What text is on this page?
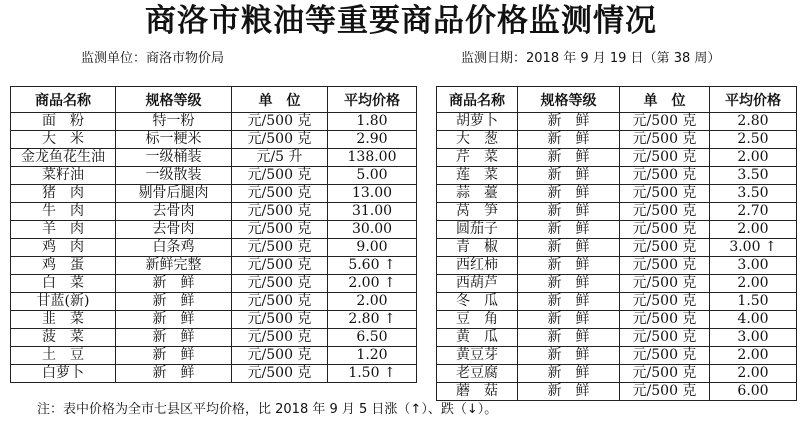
商洛市粮油等重要商品价格监测情况
监测单位：商洛市物价局	监测日期：2018 年 9 月 19 日（第 38 周）
商品名称	规格等级	单　位	平均价格
面　粉	特一粉	元/500 克	1.80
大　米	标一粳米	元/500 克	2.90
金龙鱼花生油	一级桶装	元/5 升	138.00
菜籽油	一级散装	元/500 克	5.00
猪　肉	剔骨后腿肉	元/500 克	13.00
牛　肉	去骨肉	元/500 克	31.00
羊　肉	去骨肉	元/500 克	30.00
鸡　肉	白条鸡	元/500 克	9.00
鸡　蛋	新鲜完整	元/500 克	5.60 ↑
白　菜	新　鲜	元/500 克	2.00 ↑
甘蓝(新)	新　鲜	元/500 克	2.00
韭　菜	新　鲜	元/500 克	2.80 ↑
菠　菜	新　鲜	元/500 克	6.50
土　豆	新　鲜	元/500 克	1.20
白萝卜	新　鲜	元/500 克	1.50 ↑
商品名称	规格等级	单　位	平均价格
胡萝卜	新　鲜	元/500 克	2.80
大　葱	新　鲜	元/500 克	2.50
芹　菜	新　鲜	元/500 克	2.00
莲　菜	新　鲜	元/500 克	3.50
蒜　薹	新　鲜	元/500 克	3.50
莴　笋	新　鲜	元/500 克	2.70
圆茄子	新　鲜	元/500 克	2.00
青　椒	新　鲜	元/500 克	3.00 ↑
西红柿	新　鲜	元/500 克	3.00
西葫芦	新　鲜	元/500 克	2.00
冬　瓜	新　鲜	元/500 克	1.50
豆　角	新　鲜	元/500 克	4.00
黄　瓜	新　鲜	元/500 克	3.00
黄豆芽	新　鲜	元/500 克	2.00
老豆腐	新　鲜	元/500 克	2.00
蘑　菇	新　鲜	元/500 克	6.00
注：表中价格为全市七县区平均价格，比 2018 年 9 月 5 日涨（↑）、跌（↓）。
